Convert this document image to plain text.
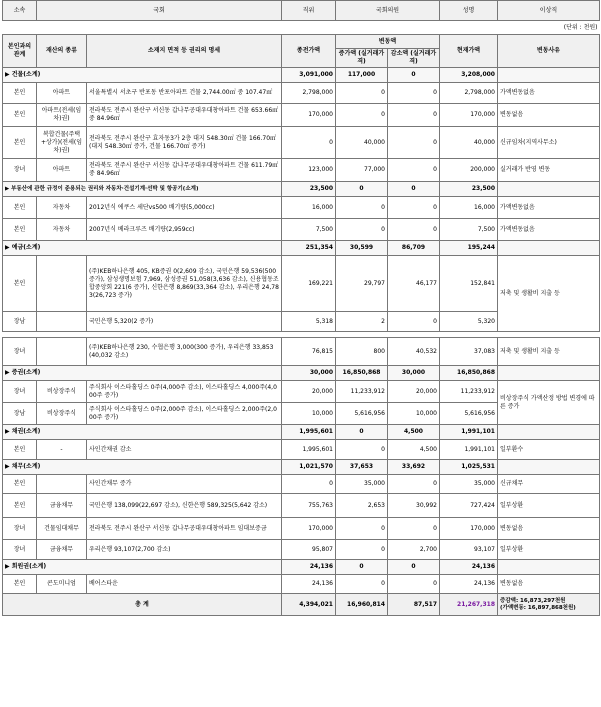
소속	국회		직위	국회의원		성명	이상직
(단위 : 천원)							
본인과의 관계	재산의 종류	소재지 면적 등 권리의 명세	종전가액	변동액		현재가액	변동사유
				증가액 (실거래가격)	감소액 (실거래가격)		
▶ 건물(소계)			3,091,000	117,000	0	3,208,000	
본인	아파트	서울특별시 서초구 반포동 반포아파트 건물 2,744.00㎡ 중 107.47㎡	2,798,000	0	0	2,798,000	가액변동없음
본인	아파트(전세(임차)권)	전라북도 전주시 완산구 서신동 갑나무공대우대창아파트 건물 653.66㎡ 중 84.96㎡	170,000	0	0	170,000	변동없음
본인	복합건물(주택+상가)(전세(임차)권)	전라북도 전주시 완산구 효자동3가 2층 대지 548.30㎡ 건물 166.70㎡ (대지 548.30㎡ 증가, 건물 166.70㎡ 증가)	0	40,000	0	40,000	신규임차(지역사무소)
장녀	아파트	전라북도 전주시 완산구 서신동 갑나무공대우대창아파트 건물 611.79㎡ 중 84.96㎡	123,000	77,000	0	200,000	실거래가 반영 변동
▶ 부동산에 관한 규정이 준용되는 권리와 자동차·건설기계·선박 및 항공기(소계)			23,500	0	0	23,500	
본인	자동차	2012년식 에쿠스 세단vs500 배기량(5,000cc)	16,000	0	0	16,000	가액변동없음
본인	자동차	2007년식 베라크루즈 배기량(2,959cc)	7,500	0	0	7,500	가액변동없음
▶ 예금(소계)			251,354	30,599	86,709	195,244	
본인		(주)KEB하나은행 405, KB증권 0(2,609 감소), 국민은행 59,536(500 증가), 삼성생명보험 7,969, 삼성증권 51,058(3,636 감소), 신용협동조합중앙회 221(6 증가), 신한은행 8,869(33,364 감소), 우리은행 24,783(26,723 증가)	169,221	29,797	46,177	152,841	저축 및 생활비 지출 등
장남		국민은행 5,320(2 증가)	5,318	2	0	5,320	

장녀		(주)KEB하나은행 230, 수협은행 3,000(300 증가), 우리은행 33,853(40,032 감소)	76,815	800	40,532	37,083	저축 및 생활비 지출 등
▶ 증권(소계)			30,000	16,850,868	30,000	16,850,868	
장녀	비상장주식	주식회사 이스타홀딩스 0주(4,000주 감소), 이스타홀딩스 4,000주(4,000주 증가)	20,000	11,233,912	20,000	11,233,912	비상장주식 가액산정 방법 변경에 따른 증가
장남	비상장주식	주식회사 이스타홀딩스 0주(2,000주 감소), 이스타홀딩스 2,000주(2,000주 증가)	10,000	5,616,956	10,000	5,616,956	
▶ 채권(소계)			1,995,601	0	4,500	1,991,101	
본인	-	사인간채권 감소	1,995,601	0	4,500	1,991,101	일부환수
▶ 채무(소계)			1,021,570	37,653	33,692	1,025,531	
본인		사인간채무 증가	0	35,000	0	35,000	신규채무
본인	금융채무	국민은행 138,099(22,697 감소), 신한은행 589,325(5,642 감소)	755,763	2,653	30,992	727,424	일부상환
장녀	건물임대채무	전라북도 전주시 완산구 서신동 갑나무공대우대창아파트 임대보증금	170,000	0	0	170,000	변동없음
장녀	금융채무	우리은행 93,107(2,700 감소)	95,807	0	2,700	93,107	일부상환
▶ 회원권(소계)			24,136	0	0	24,136	
본인	콘도미니엄	베어스타운	24,136	0	0	24,136	변동없음
총 계			4,394,021	16,960,814	87,517	21,267,318	증감액: 16,873,297천원
(가액변동: 16,897,868천원)
